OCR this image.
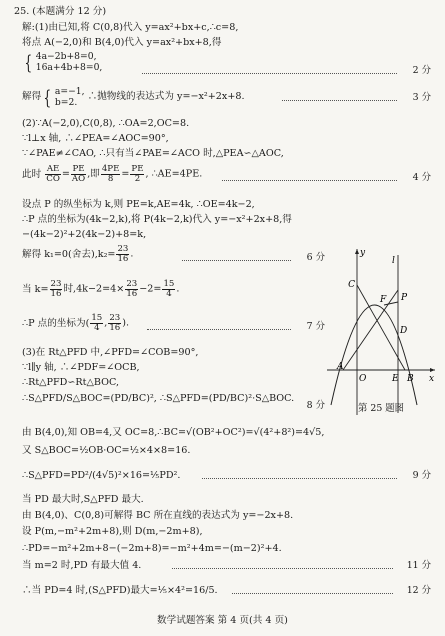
25. (本题满分 12 分)
解:(1)由已知,将 C(0,8)代入 y=ax²+bx+c,∴c=8,
将点 A(−2,0)和 B(4,0)代入 y=ax²+bx+8,得
{ 4a−2b+8=0,
16a+4b+8=0,	2 分
解得 { a=−1,
b=2.
∴抛物线的表达式为 y=−x²+2x+8.	3 分
(2)∵A(−2,0),C(0,8), ∴OA=2,OC=8.
∵l⊥x 轴, ∴∠PEA=∠AOC=90°,
∵∠PAE≠∠CAO, ∴只有当∠PAE=∠ACO 时,△PEA∽△AOC,
此时 $\frac{AE}{CO} = \frac{PE}{AO}$ ,即 $\frac{4PE}{8} = \frac{PE}{2}$ , ∴AE=4PE.	4 分
设点 P 的纵坐标为 k,则 PE=k,AE=4k, ∴OE=4k−2,
∴P 点的坐标为(4k−2,k),将 P(4k−2,k)代入 y=−x²+2x+8,得
−(4k−2)²+2(4k−2)+8=k,
解得 k₁=0(舍去)$,k_2= \frac{23}{16}$ .	6 分
当 $k= \frac{23}{16}$ 时$,4k-2=4\times \frac{23}{16} -2= \frac{15}{4}$ .
∴P 点的坐标为( $\frac{15}{4}$ , $\frac{23}{16}$ ).	7 分
(3)在 Rt△PFD 中,∠PFD=∠COB=90°,
∵l∥y 轴, ∴∠PDF=∠OCB,
∴Rt△PFD∽Rt△BOC,
∴S△PFD/S△BOC=(PD/BC)², ∴S△PFD=(PD/BC)²·S△BOC.
8 分
由 B(4,0),知 OB=4,又 OC=8,∴BC=√(OB²+OC²)=√(4²+8²)=4√5,
又 S△BOC=½OB·OC=½×4×8=16.
∴S△PFD=PD²/(4√5)²×16=⅕PD².	9 分
当 PD 最大时,S△PFD 最大.
由 B(4,0)、C(0,8)可解得 BC 所在直线的表达式为 y=−2x+8.
设 P(m,−m²+2m+8),则 D(m,−2m+8),
∴PD=−m²+2m+8−(−2m+8)=−m²+4m=−(m−2)²+4.
当 m=2 时,PD 有最大值 4.	11 分
∴当 PD=4 时,(S△PFD)最大=⅕×4²=16/5.	12 分
C
P
F
D
A
O	E B x
y
l
第 25 题图
数学试题答案 第 4 页(共 4 页)
